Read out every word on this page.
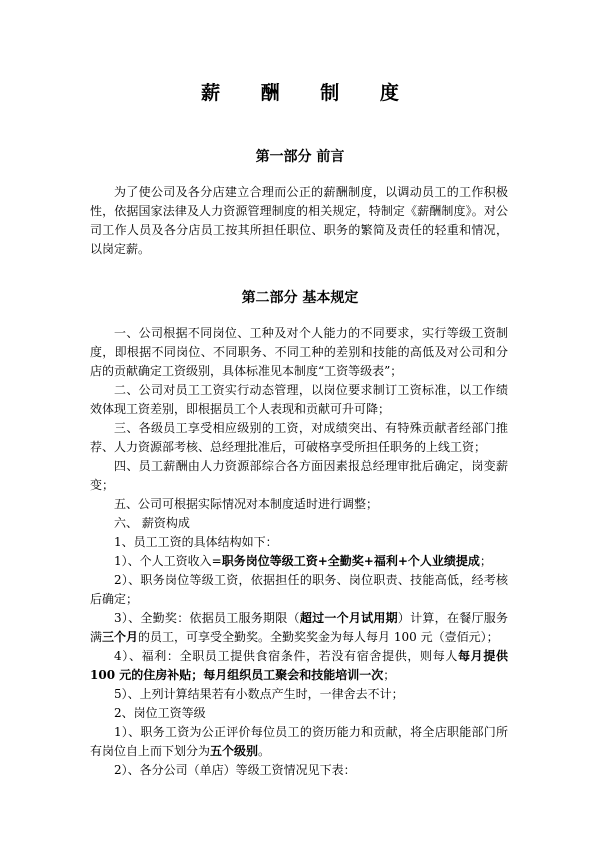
薪 酬 制 度
第一部分 前言

为了使公司及各分店建立合理而公正的薪酬制度，以调动员工的工作积极性，依据国家法律及人力资源管理制度的相关规定，特制定《薪酬制度》。对公司工作人员及各分店员工按其所担任职位、职务的繁简及责任的轻重和情况，以岗定薪。

第二部分 基本规定

一、公司根据不同岗位、工种及对个人能力的不同要求，实行等级工资制度，即根据不同岗位、不同职务、不同工种的差别和技能的高低及对公司和分店的贡献确定工资级别，具体标准见本制度“工资等级表”；

二、公司对员工工资实行动态管理，以岗位要求制订工资标准，以工作绩效体现工资差别，即根据员工个人表现和贡献可升可降；

三、各级员工享受相应级别的工资，对成绩突出、有特殊贡献者经部门推荐、人力资源部考核、总经理批准后，可破格享受所担任职务的上线工资；

四、员工薪酬由人力资源部综合各方面因素报总经理审批后确定，岗变薪变；

五、公司可根据实际情况对本制度适时进行调整；

六、 薪资构成

1、员工工资的具体结构如下：

1）、个人工资收入=职务岗位等级工资+全勤奖+福利+个人业绩提成；

2）、职务岗位等级工资，依据担任的职务、岗位职责、技能高低，经考核后确定；

3）、全勤奖：依据员工服务期限（超过一个月试用期）计算，在餐厅服务满三个月的员工，可享受全勤奖。全勤奖奖金为每人每月 100 元（壹佰元）；

4）、福利：全职员工提供食宿条件，若没有宿舍提供，则每人每月提供 100 元的住房补贴；每月组织员工聚会和技能培训一次；

5）、上列计算结果若有小数点产生时，一律舍去不计；

2、岗位工资等级

1）、职务工资为公正评价每位员工的资历能力和贡献，将全店职能部门所有岗位自上而下划分为五个级别。

2）、各分公司（单店）等级工资情况见下表：
